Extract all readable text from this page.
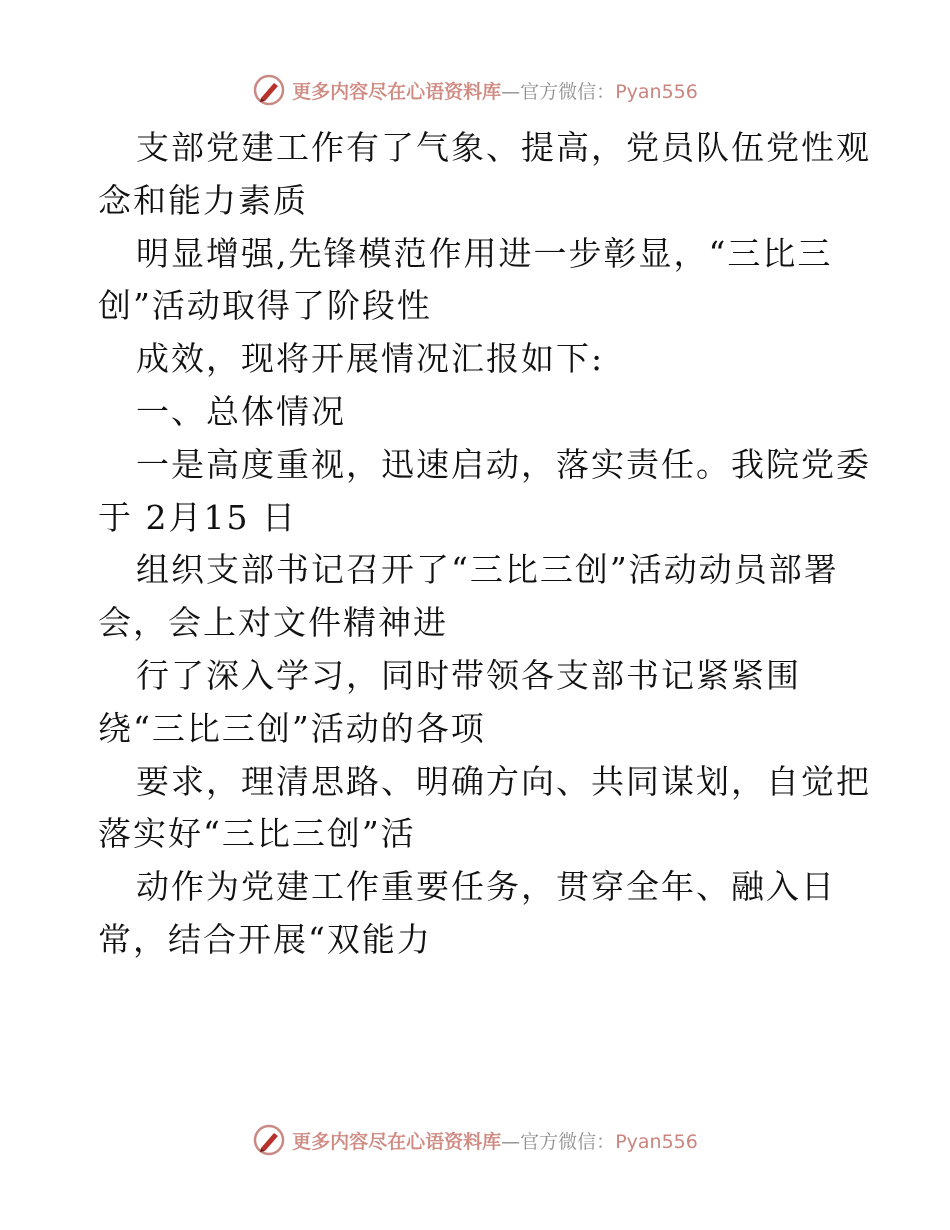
更多内容尽在心语资料库—官方微信：Pyan556
支部党建工作有了气象、提高，党员队伍党性观
念和能力素质
明显增强,先锋模范作用进一步彰显，“三比三
创”活动取得了阶段性
成效，现将开展情况汇报如下:
一、总体情况
一是高度重视，迅速启动，落实责任。我院党委
于 2月15 日
组织支部书记召开了“三比三创”活动动员部署
会，会上对文件精神进
行了深入学习，同时带领各支部书记紧紧围
绕“三比三创”活动的各项
要求，理清思路、明确方向、共同谋划，自觉把
落实好“三比三创”活
动作为党建工作重要任务，贯穿全年、融入日
常，结合开展“双能力
更多内容尽在心语资料库—官方微信：Pyan556
